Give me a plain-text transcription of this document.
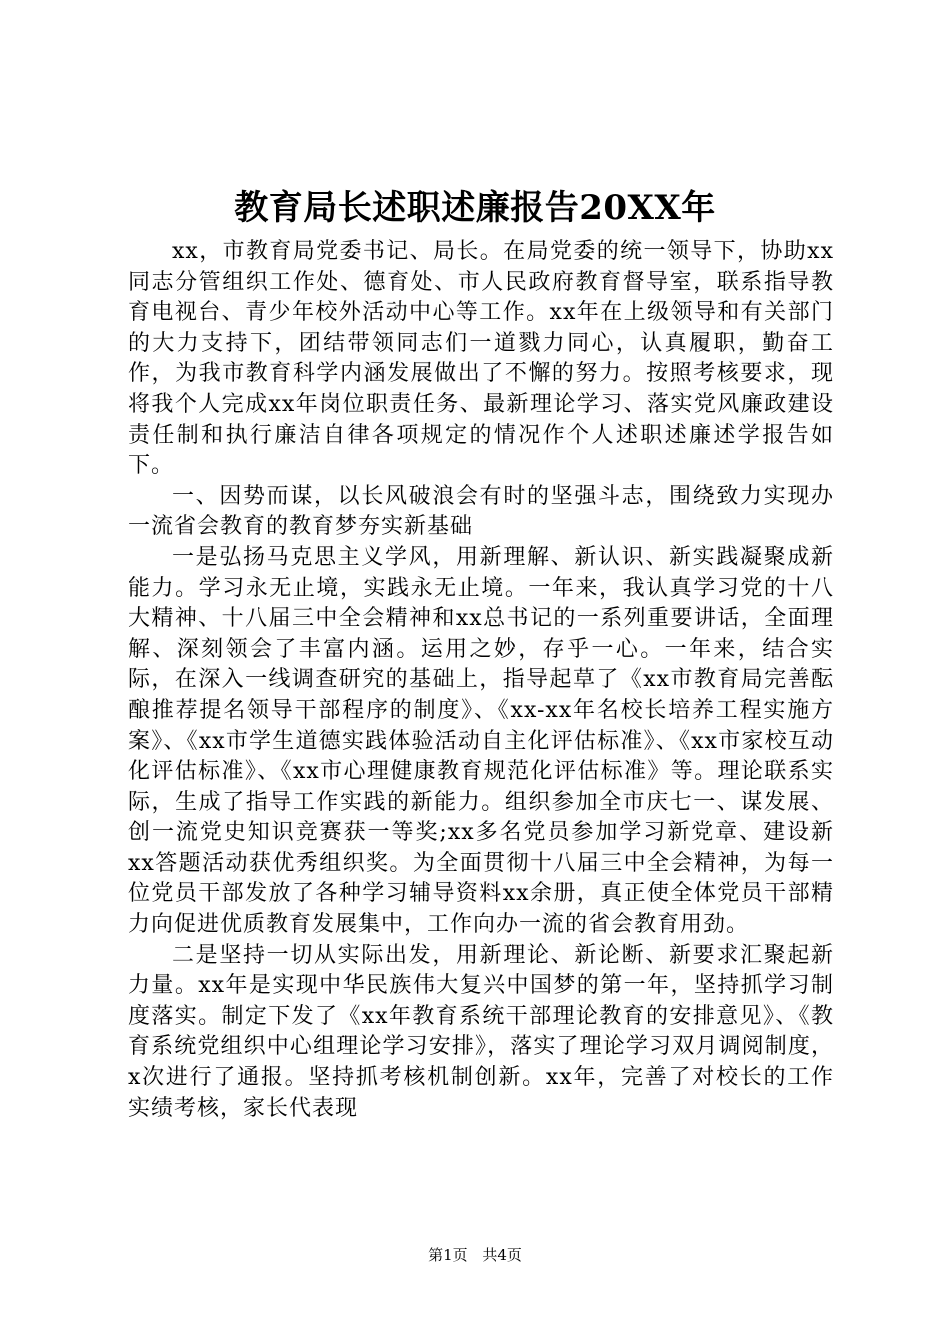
教育局长述职述廉报告20XX年

xx，市教育局党委书记、局长。在局党委的统一领导下，协助xx同志分管组织工作处、德育处、市人民政府教育督导室，联系指导教育电视台、青少年校外活动中心等工作。xx年在上级领导和有关部门的大力支持下，团结带领同志们一道戮力同心，认真履职，勤奋工作，为我市教育科学内涵发展做出了不懈的努力。按照考核要求，现将我个人完成xx年岗位职责任务、最新理论学习、落实党风廉政建设责任制和执行廉洁自律各项规定的情况作个人述职述廉述学报告如下。

一、因势而谋，以长风破浪会有时的坚强斗志，围绕致力实现办一流省会教育的教育梦夯实新基础

一是弘扬马克思主义学风，用新理解、新认识、新实践凝聚成新能力。学习永无止境，实践永无止境。一年来，我认真学习党的十八大精神、十八届三中全会精神和xx总书记的一系列重要讲话，全面理解、深刻领会了丰富内涵。运用之妙，存乎一心。一年来，结合实际，在深入一线调查研究的基础上，指导起草了《xx市教育局完善酝酿推荐提名领导干部程序的制度》、《xx-xx年名校长培养工程实施方案》、《xx市学生道德实践体验活动自主化评估标准》、《xx市家校互动化评估标准》、《xx市心理健康教育规范化评估标准》等。理论联系实际，生成了指导工作实践的新能力。组织参加全市庆七一、谋发展、创一流党史知识竞赛获一等奖;xx多名党员参加学习新党章、建设新xx答题活动获优秀组织奖。为全面贯彻十八届三中全会精神，为每一位党员干部发放了各种学习辅导资料xx余册，真正使全体党员干部精力向促进优质教育发展集中，工作向办一流的省会教育用劲。

二是坚持一切从实际出发，用新理论、新论断、新要求汇聚起新力量。xx年是实现中华民族伟大复兴中国梦的第一年，坚持抓学习制度落实。制定下发了《xx年教育系统干部理论教育的安排意见》、《教育系统党组织中心组理论学习安排》，落实了理论学习双月调阅制度，x次进行了通报。坚持抓考核机制创新。xx年，完善了对校长的工作实绩考核，家长代表现

第1页 共4页
